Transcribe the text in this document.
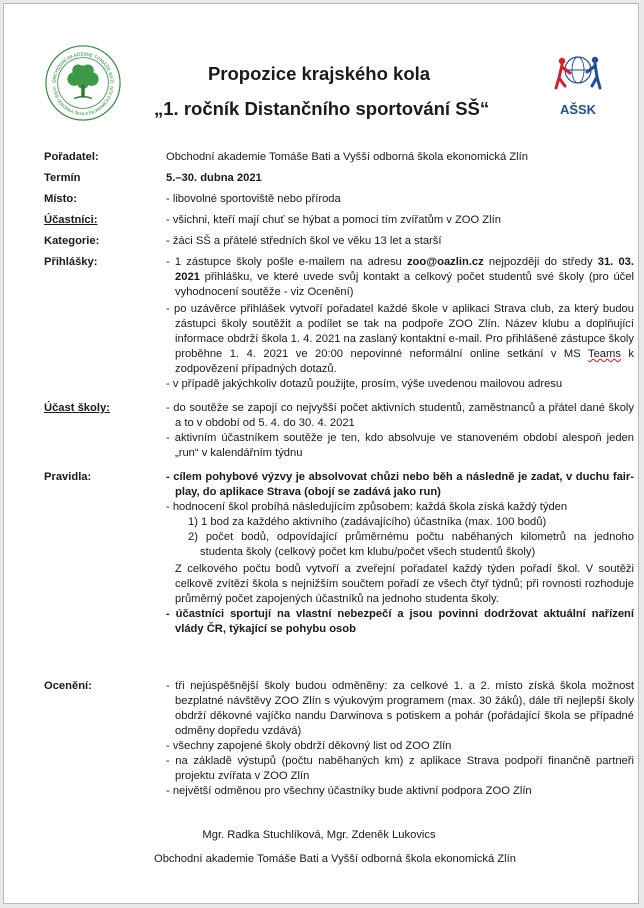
OBCHODNÍ AKADEMIE TOMÁŠE BATI
VYŠŠÍ ODBORNÁ ŠKOLA EKONOMICKÁ ZLÍN
Propozice krajského kola
„1. ročník Distančního sportování SŠ“	AŠSK
Pořadatel:	Obchodní akademie Tomáše Bati a Vyšší odborná škola ekonomická Zlín
Termín	5.–30. dubna 2021
Místo:	- libovolné sportoviště nebo příroda
Účastníci:	- všichni, kteří mají chuť se hýbat a pomoci tím zvířatům v ZOO Zlín
Kategorie:	- žáci SŠ a přátelé středních škol ve věku 13 let a starší
Přihlášky:	- 1 zástupce školy pošle e-mailem na adresu zoo@oazlin.cz nejpozději do středy 31. 03. 2021 přihlášku, ve které uvede svůj kontakt a celkový počet studentů své školy (pro účel vyhodnocení soutěže - viz Ocenění)

- po uzávěrce přihlášek vytvoří pořadatel každé škole v aplikaci Strava club, za který budou zástupci školy soutěžit a podílet se tak na podpoře ZOO Zlín. Název klubu a doplňující informace obdrží škola 1. 4. 2021 na zaslaný kontaktní e-mail. Pro přihlášené zástupce školy proběhne 1. 4. 2021 ve 20:00 nepovinné neformální online setkání v MS Teams k zodpovězení případných dotazů.

- v případě jakýchkoliv dotazů použijte, prosím, výše uvedenou mailovou adresu

Účast školy:	- do soutěže se zapojí co nejvyšší počet aktivních studentů, zaměstnanců a přátel dané školy a to v období od 5. 4. do 30. 4. 2021

- aktivním účastníkem soutěže je ten, kdo absolvuje ve stanoveném období alespoň jeden „run“ v kalendářním týdnu

Pravidla:	- cílem pohybové výzvy je absolvovat chůzi nebo běh a následně je zadat, v duchu fair-play, do aplikace Strava (obojí se zadává jako run)

- hodnocení škol probíhá následujícím způsobem: každá škola získá každý týden

1) 1 bod za každého aktivního (zadávajícího) účastníka (max. 100 bodů)

2) počet bodů, odpovídající průměrnému počtu naběhaných kilometrů na jednoho studenta školy (celkový počet km klubu/počet všech studentů školy)

Z celkového počtu bodů vytvoří a zveřejní pořadatel každý týden pořadí škol. V soutěži celkově zvítězí škola s nejnižším součtem pořadí ze všech čtyř týdnů; při rovnosti rozhoduje průměrný počet zapojených účastníků na jednoho studenta školy.

- účastníci sportují na vlastní nebezpečí a jsou povinni dodržovat aktuální nařízení vlády ČR, týkající se pohybu osob

Ocenění:	- tři nejúspěšnější školy budou odměněny: za celkové 1. a 2. místo získá škola možnost bezplatné návštěvy ZOO Zlín s výukovým programem (max. 30 žáků), dále tři nejlepší školy obdrží děkovné vajíčko nandu Darwinova s potiskem a pohár (pořádající škola se případné odměny dopředu vzdává)

- všechny zapojené školy obdrží děkovný list od ZOO Zlín

- na základě výstupů (počtu naběhaných km) z aplikace Strava podpoří finančně partneři projektu zvířata v ZOO Zlín

- největší odměnou pro všechny účastníky bude aktivní podpora ZOO Zlín

Mgr. Radka Stuchlíková, Mgr. Zdeněk Lukovics
Obchodní akademie Tomáše Bati a Vyšší odborná škola ekonomická Zlín
